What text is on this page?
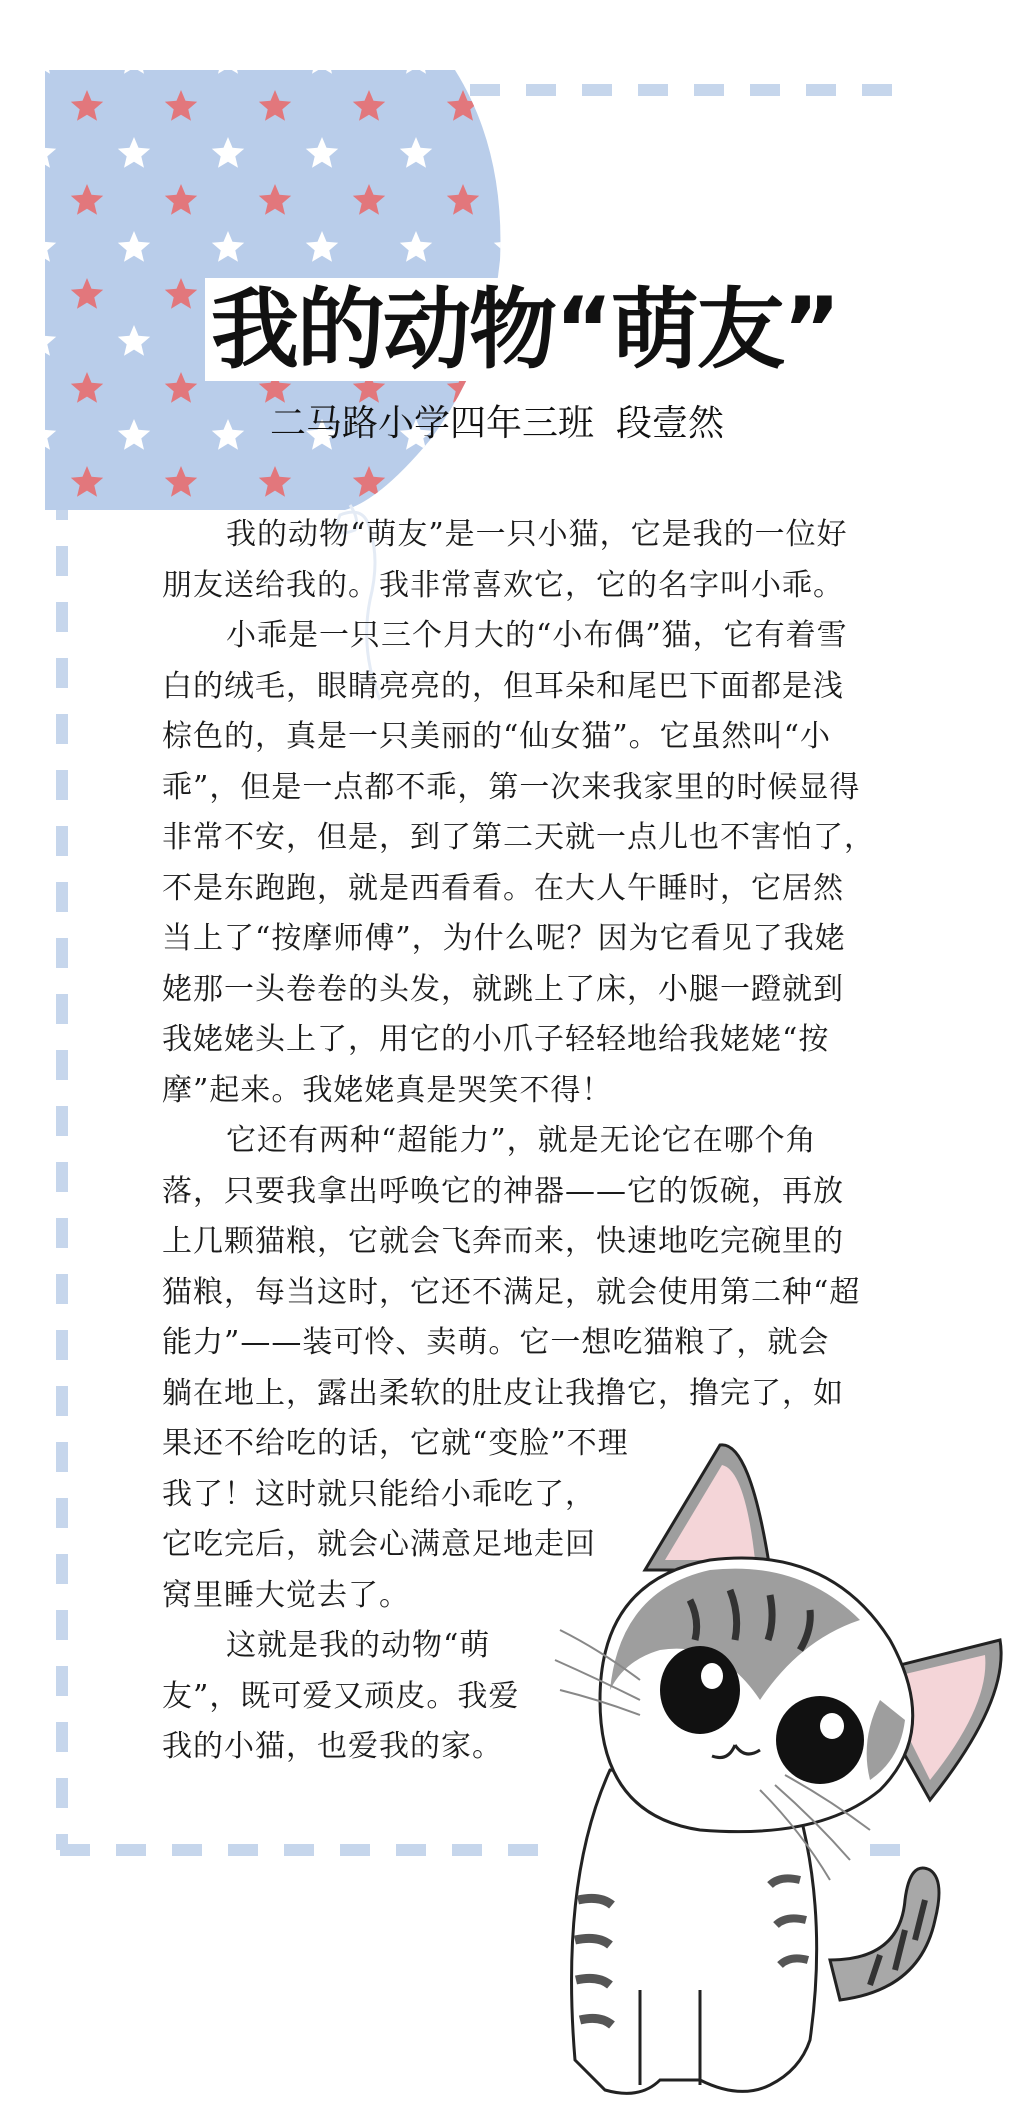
我的动物“萌友”
二马路小学四年三班 段壹然
我的动物“萌友”是一只小猫，它是我的一位好
朋友送给我的。我非常喜欢它，它的名字叫小乖。
小乖是一只三个月大的“小布偶”猫，它有着雪
白的绒毛，眼睛亮亮的，但耳朵和尾巴下面都是浅
棕色的，真是一只美丽的“仙女猫”。它虽然叫“小
乖”，但是一点都不乖，第一次来我家里的时候显得
非常不安，但是，到了第二天就一点儿也不害怕了，
不是东跑跑，就是西看看。在大人午睡时，它居然
当上了“按摩师傅”，为什么呢？因为它看见了我姥
姥那一头卷卷的头发，就跳上了床，小腿一蹬就到
我姥姥头上了，用它的小爪子轻轻地给我姥姥“按
摩”起来。我姥姥真是哭笑不得！
它还有两种“超能力”，就是无论它在哪个角
落，只要我拿出呼唤它的神器——它的饭碗，再放
上几颗猫粮，它就会飞奔而来，快速地吃完碗里的
猫粮，每当这时，它还不满足，就会使用第二种“超
能力”——装可怜、卖萌。它一想吃猫粮了，就会
躺在地上，露出柔软的肚皮让我撸它，撸完了，如
果还不给吃的话，它就“变脸”不理
我了！这时就只能给小乖吃了，
它吃完后，就会心满意足地走回
窝里睡大觉去了。
这就是我的动物“萌
友”，既可爱又顽皮。我爱
我的小猫，也爱我的家。
